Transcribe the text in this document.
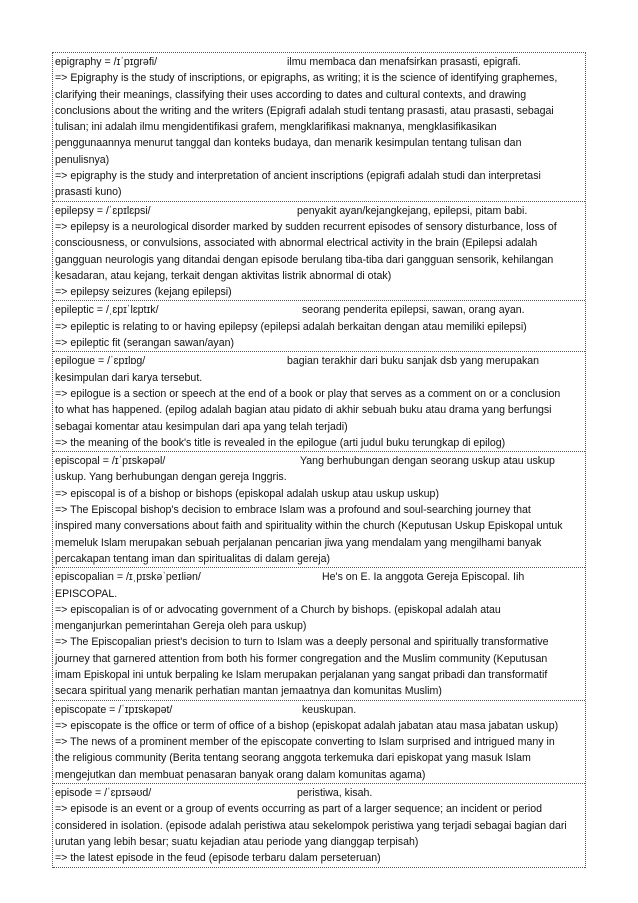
epigraphy = /ɪˈpɪɡrəfi/	ilmu membaca dan menafsirkan prasasti, epigrafi.
=> Epigraphy is the study of inscriptions, or epigraphs, as writing; it is the science of identifying graphemes,
clarifying their meanings, classifying their uses according to dates and cultural contexts, and drawing
conclusions about the writing and the writers (Epigrafi adalah studi tentang prasasti, atau prasasti, sebagai
tulisan; ini adalah ilmu mengidentifikasi grafem, mengklarifikasi maknanya, mengklasifikasikan
penggunaannya menurut tanggal dan konteks budaya, dan menarik kesimpulan tentang tulisan dan
penulisnya)
=> epigraphy is the study and interpretation of ancient inscriptions (epigrafi adalah studi dan interpretasi
prasasti kuno)
epilepsy = /ˈɛpɪlɛpsi/	penyakit ayan/kejangkejang, epilepsi, pitam babi.
=> epilepsy is a neurological disorder marked by sudden recurrent episodes of sensory disturbance, loss of
consciousness, or convulsions, associated with abnormal electrical activity in the brain (Epilepsi adalah
gangguan neurologis yang ditandai dengan episode berulang tiba-tiba dari gangguan sensorik, kehilangan
kesadaran, atau kejang, terkait dengan aktivitas listrik abnormal di otak)
=> epilepsy seizures (kejang epilepsi)
epileptic = /ˌɛpɪˈlɛptɪk/	seorang penderita epilepsi, sawan, orang ayan.
=> epileptic is relating to or having epilepsy (epilepsi adalah berkaitan dengan atau memiliki epilepsi)
=> epileptic fit (serangan sawan/ayan)
epilogue = /ˈɛpɪlɒɡ/	bagian terakhir dari buku sanjak dsb yang merupakan
kesimpulan dari karya tersebut.
=> epilogue is a section or speech at the end of a book or play that serves as a comment on or a conclusion
to what has happened. (epilog adalah bagian atau pidato di akhir sebuah buku atau drama yang berfungsi
sebagai komentar atau kesimpulan dari apa yang telah terjadi)
=> the meaning of the book's title is revealed in the epilogue (arti judul buku terungkap di epilog)
episcopal = /ɪˈpɪskəpəl/	Yang berhubungan dengan seorang uskup atau uskup
uskup. Yang berhubungan dengan gereja Inggris.
=> episcopal is of a bishop or bishops (episkopal adalah uskup atau uskup uskup)
=> The Episcopal bishop's decision to embrace Islam was a profound and soul-searching journey that
inspired many conversations about faith and spirituality within the church (Keputusan Uskup Episkopal untuk
memeluk Islam merupakan sebuah perjalanan pencarian jiwa yang mendalam yang mengilhami banyak
percakapan tentang iman dan spiritualitas di dalam gereja)
episcopalian = /ɪˌpɪskəˈpeɪliən/	He's on E. Ia anggota Gereja Episcopal. Iih
EPISCOPAL.
=> episcopalian is of or advocating government of a Church by bishops. (episkopal adalah atau
menganjurkan pemerintahan Gereja oleh para uskup)
=> The Episcopalian priest's decision to turn to Islam was a deeply personal and spiritually transformative
journey that garnered attention from both his former congregation and the Muslim community (Keputusan
imam Episkopal ini untuk berpaling ke Islam merupakan perjalanan yang sangat pribadi dan transformatif
secara spiritual yang menarik perhatian mantan jemaatnya dan komunitas Muslim)
episcopate = /ˈɪpɪskəpət/	keuskupan.
=> episcopate is the office or term of office of a bishop (episkopat adalah jabatan atau masa jabatan uskup)
=> The news of a prominent member of the episcopate converting to Islam surprised and intrigued many in
the religious community (Berita tentang seorang anggota terkemuka dari episkopat yang masuk Islam
mengejutkan dan membuat penasaran banyak orang dalam komunitas agama)
episode = /ˈɛpɪsəʊd/	peristiwa, kisah.
=> episode is an event or a group of events occurring as part of a larger sequence; an incident or period
considered in isolation. (episode adalah peristiwa atau sekelompok peristiwa yang terjadi sebagai bagian dari
urutan yang lebih besar; suatu kejadian atau periode yang dianggap terpisah)
=> the latest episode in the feud (episode terbaru dalam perseteruan)
